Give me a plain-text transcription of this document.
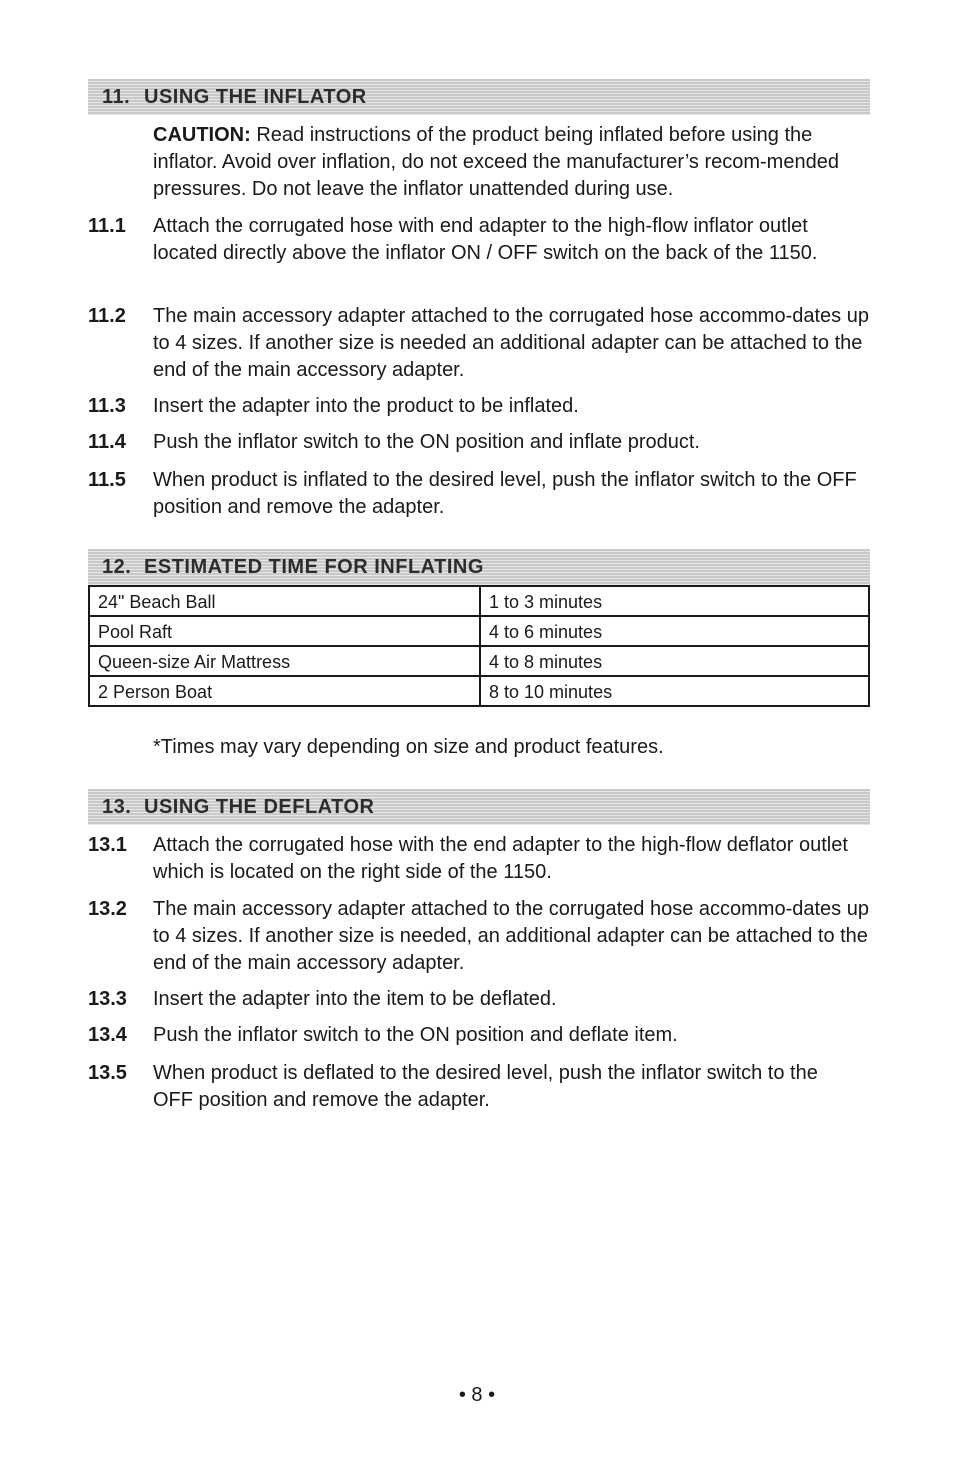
11. USING THE INFLATOR
CAUTION: Read instructions of the product being inflated before using the inflator. Avoid over inflation, do not exceed the manufacturer’s recom-mended pressures. Do not leave the inflator unattended during use.
11.1	Attach the corrugated hose with end adapter to the high-flow inflator outlet located directly above the inflator ON / OFF switch on the back of the 1150.
11.2	The main accessory adapter attached to the corrugated hose accommo-dates up to 4 sizes. If another size is needed an additional adapter can be attached to the end of the main accessory adapter.
11.3	Insert the adapter into the product to be inflated.
11.4	Push the inflator switch to the ON position and inflate product.
11.5	When product is inflated to the desired level, push the inflator switch to the OFF position and remove the adapter.
12. ESTIMATED TIME FOR INFLATING
24" Beach Ball	1 to 3 minutes
Pool Raft	4 to 6 minutes
Queen-size Air Mattress	4 to 8 minutes
2 Person Boat	8 to 10 minutes
*Times may vary depending on size and product features.
13. USING THE DEFLATOR
13.1	Attach the corrugated hose with the end adapter to the high-flow deflator outlet which is located on the right side of the 1150.
13.2	The main accessory adapter attached to the corrugated hose accommo-dates up to 4 sizes. If another size is needed, an additional adapter can be attached to the end of the main accessory adapter.
13.3	Insert the adapter into the item to be deflated.
13.4	Push the inflator switch to the ON position and deflate item.
13.5	When product is deflated to the desired level, push the inflator switch to the OFF position and remove the adapter.
• 8 •
